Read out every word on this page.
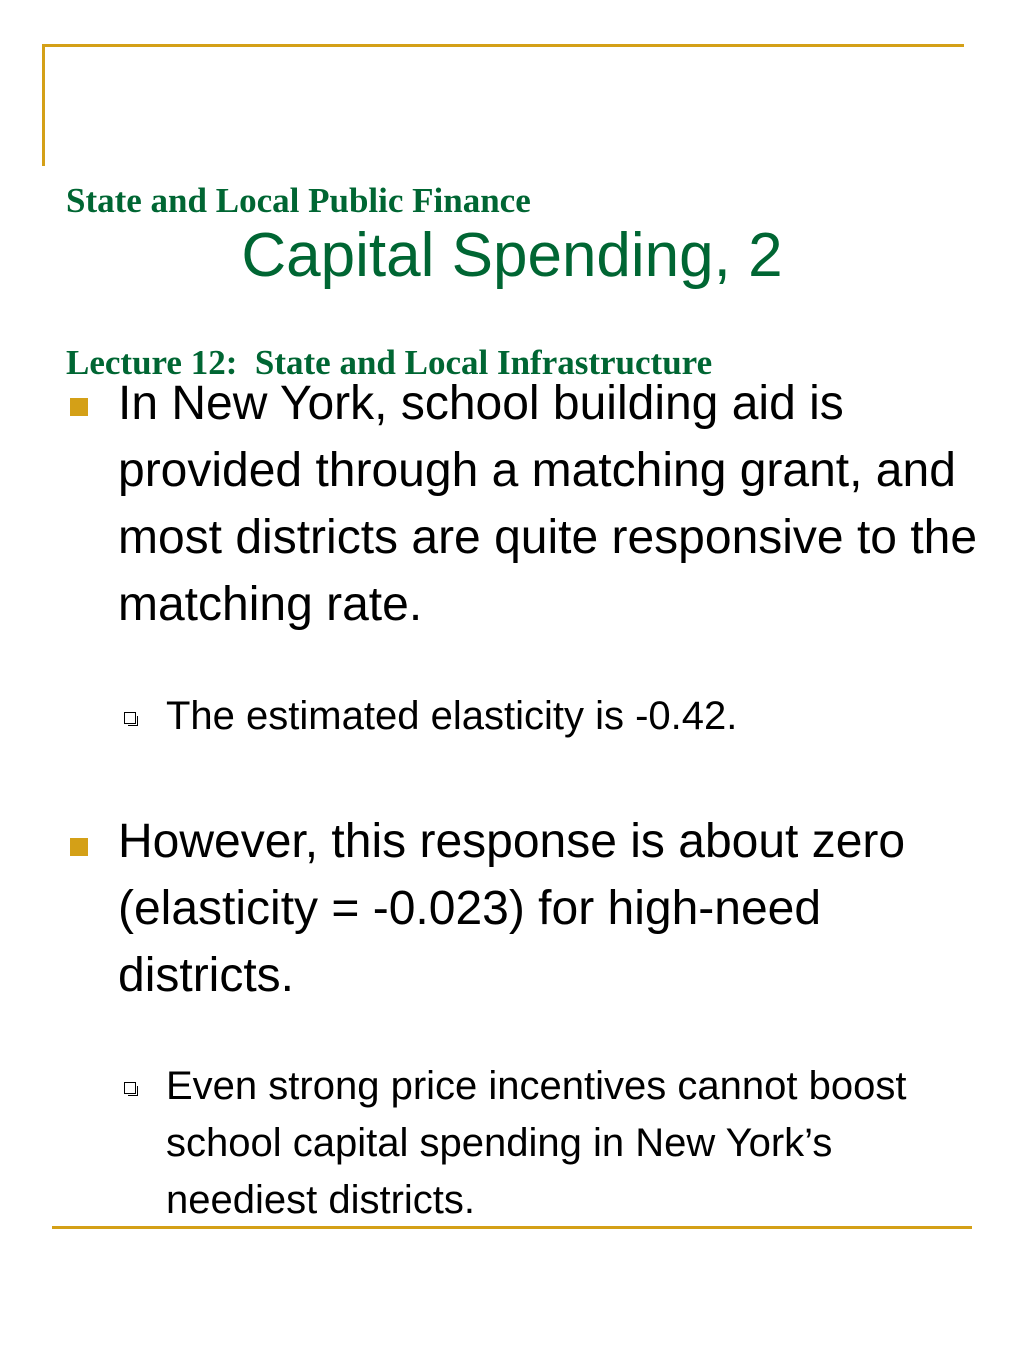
State and Local Public Finance

Lecture 12:  State and Local Infrastructure

Capital Spending, 2
In New York, school building aid is provided through a matching grant, and most districts are quite responsive to the matching rate.
The estimated elasticity is -0.42.
However, this response is about zero (elasticity = -0.023) for high-need districts.
Even strong price incentives cannot boost school capital spending in New York’s neediest districts.
